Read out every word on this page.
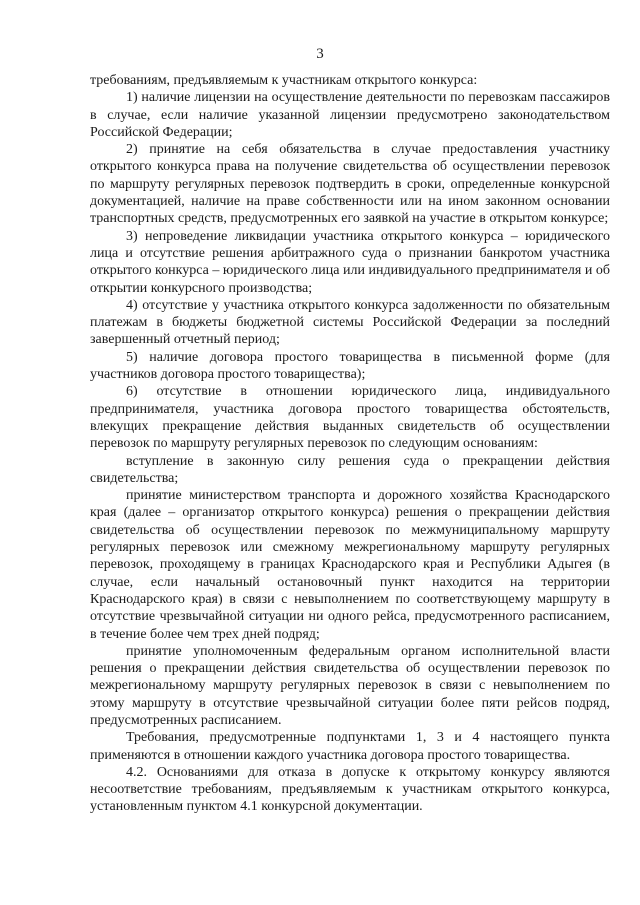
3

требованиям, предъявляемым к участникам открытого конкурса:

1) наличие лицензии на осуществление деятельности по перевозкам пассажиров в случае, если наличие указанной лицензии предусмотрено законодательством Российской Федерации;

2) принятие на себя обязательства в случае предоставления участнику открытого конкурса права на получение свидетельства об осуществлении перевозок по маршруту регулярных перевозок подтвердить в сроки, определенные конкурсной документацией, наличие на праве собственности или на ином законном основании транспортных средств, предусмотренных его заявкой на участие в открытом конкурсе;

3) непроведение ликвидации участника открытого конкурса – юридического лица и отсутствие решения арбитражного суда о признании банкротом участника открытого конкурса – юридического лица или индивидуального предпринимателя и об открытии конкурсного производства;

4) отсутствие у участника открытого конкурса задолженности по обязательным платежам в бюджеты бюджетной системы Российской Федерации за последний завершенный отчетный период;

5) наличие договора простого товарищества в письменной форме (для участников договора простого товарищества);

6) отсутствие в отношении юридического лица, индивидуального предпринимателя, участника договора простого товарищества обстоятельств, влекущих прекращение действия выданных свидетельств об осуществлении перевозок по маршруту регулярных перевозок по следующим основаниям:

вступление в законную силу решения суда о прекращении действия свидетельства;

принятие министерством транспорта и дорожного хозяйства Краснодарского края (далее – организатор открытого конкурса) решения о прекращении действия свидетельства об осуществлении перевозок по межмуниципальному маршруту регулярных перевозок или смежному межрегиональному маршруту регулярных перевозок, проходящему в границах Краснодарского края и Республики Адыгея (в случае, если начальный остановочный пункт находится на территории Краснодарского края) в связи с невыполнением по соответствующему маршруту в отсутствие чрезвычайной ситуации ни одного рейса, предусмотренного расписанием, в течение более чем трех дней подряд;

принятие уполномоченным федеральным органом исполнительной власти решения о прекращении действия свидетельства об осуществлении перевозок по межрегиональному маршруту регулярных перевозок в связи с невыполнением по этому маршруту в отсутствие чрезвычайной ситуации более пяти рейсов подряд, предусмотренных расписанием.

Требования, предусмотренные подпунктами 1, 3 и 4 настоящего пункта применяются в отношении каждого участника договора простого товарищества.

4.2. Основаниями для отказа в допуске к открытому конкурсу являются несоответствие требованиям, предъявляемым к участникам открытого конкурса, установленным пунктом 4.1 конкурсной документации.
